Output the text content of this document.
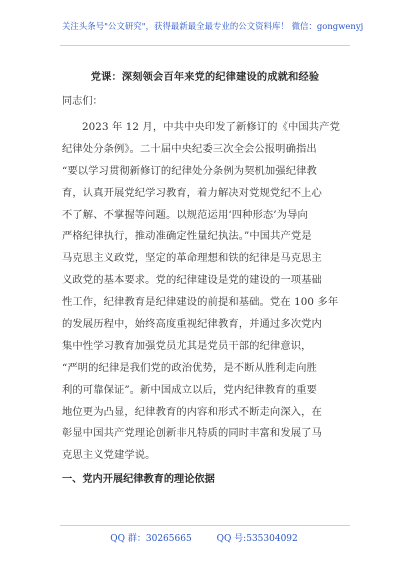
关注头条号"公文研究"，获得最新最全最专业的公文资料库！ 微信：gongwenyj
党课：深刻领会百年来党的纪律建设的成就和经验
同志们：
2023 年 12 月，中共中央印发了新修订的《中国共产党
纪律处分条例》。二十届中央纪委三次全会公报明确指出
“要以学习贯彻新修订的纪律处分条例为契机加强纪律教
育，认真开展党纪学习教育，着力解决对党规党纪不上心
不了解、不掌握等问题。以规范运用‘四种形态’为导向
严格纪律执行，推动准确定性量纪执法。”中国共产党是
马克思主义政党，坚定的革命理想和铁的纪律是马克思主
义政党的基本要求。党的纪律建设是党的建设的一项基础
性工作，纪律教育是纪律建设的前提和基础。党在 100 多年
的发展历程中，始终高度重视纪律教育，并通过多次党内
集中性学习教育加强党员尤其是党员干部的纪律意识，
“严明的纪律是我们党的政治优势，是不断从胜利走向胜
利的可靠保证”。新中国成立以后，党内纪律教育的重要
地位更为凸显，纪律教育的内容和形式不断走向深入，在
彰显中国共产党理论创新非凡特质的同时丰富和发展了马
克思主义党建学说。
一、党内开展纪律教育的理论依据
QQ 群：30265665	QQ 号:535304092
